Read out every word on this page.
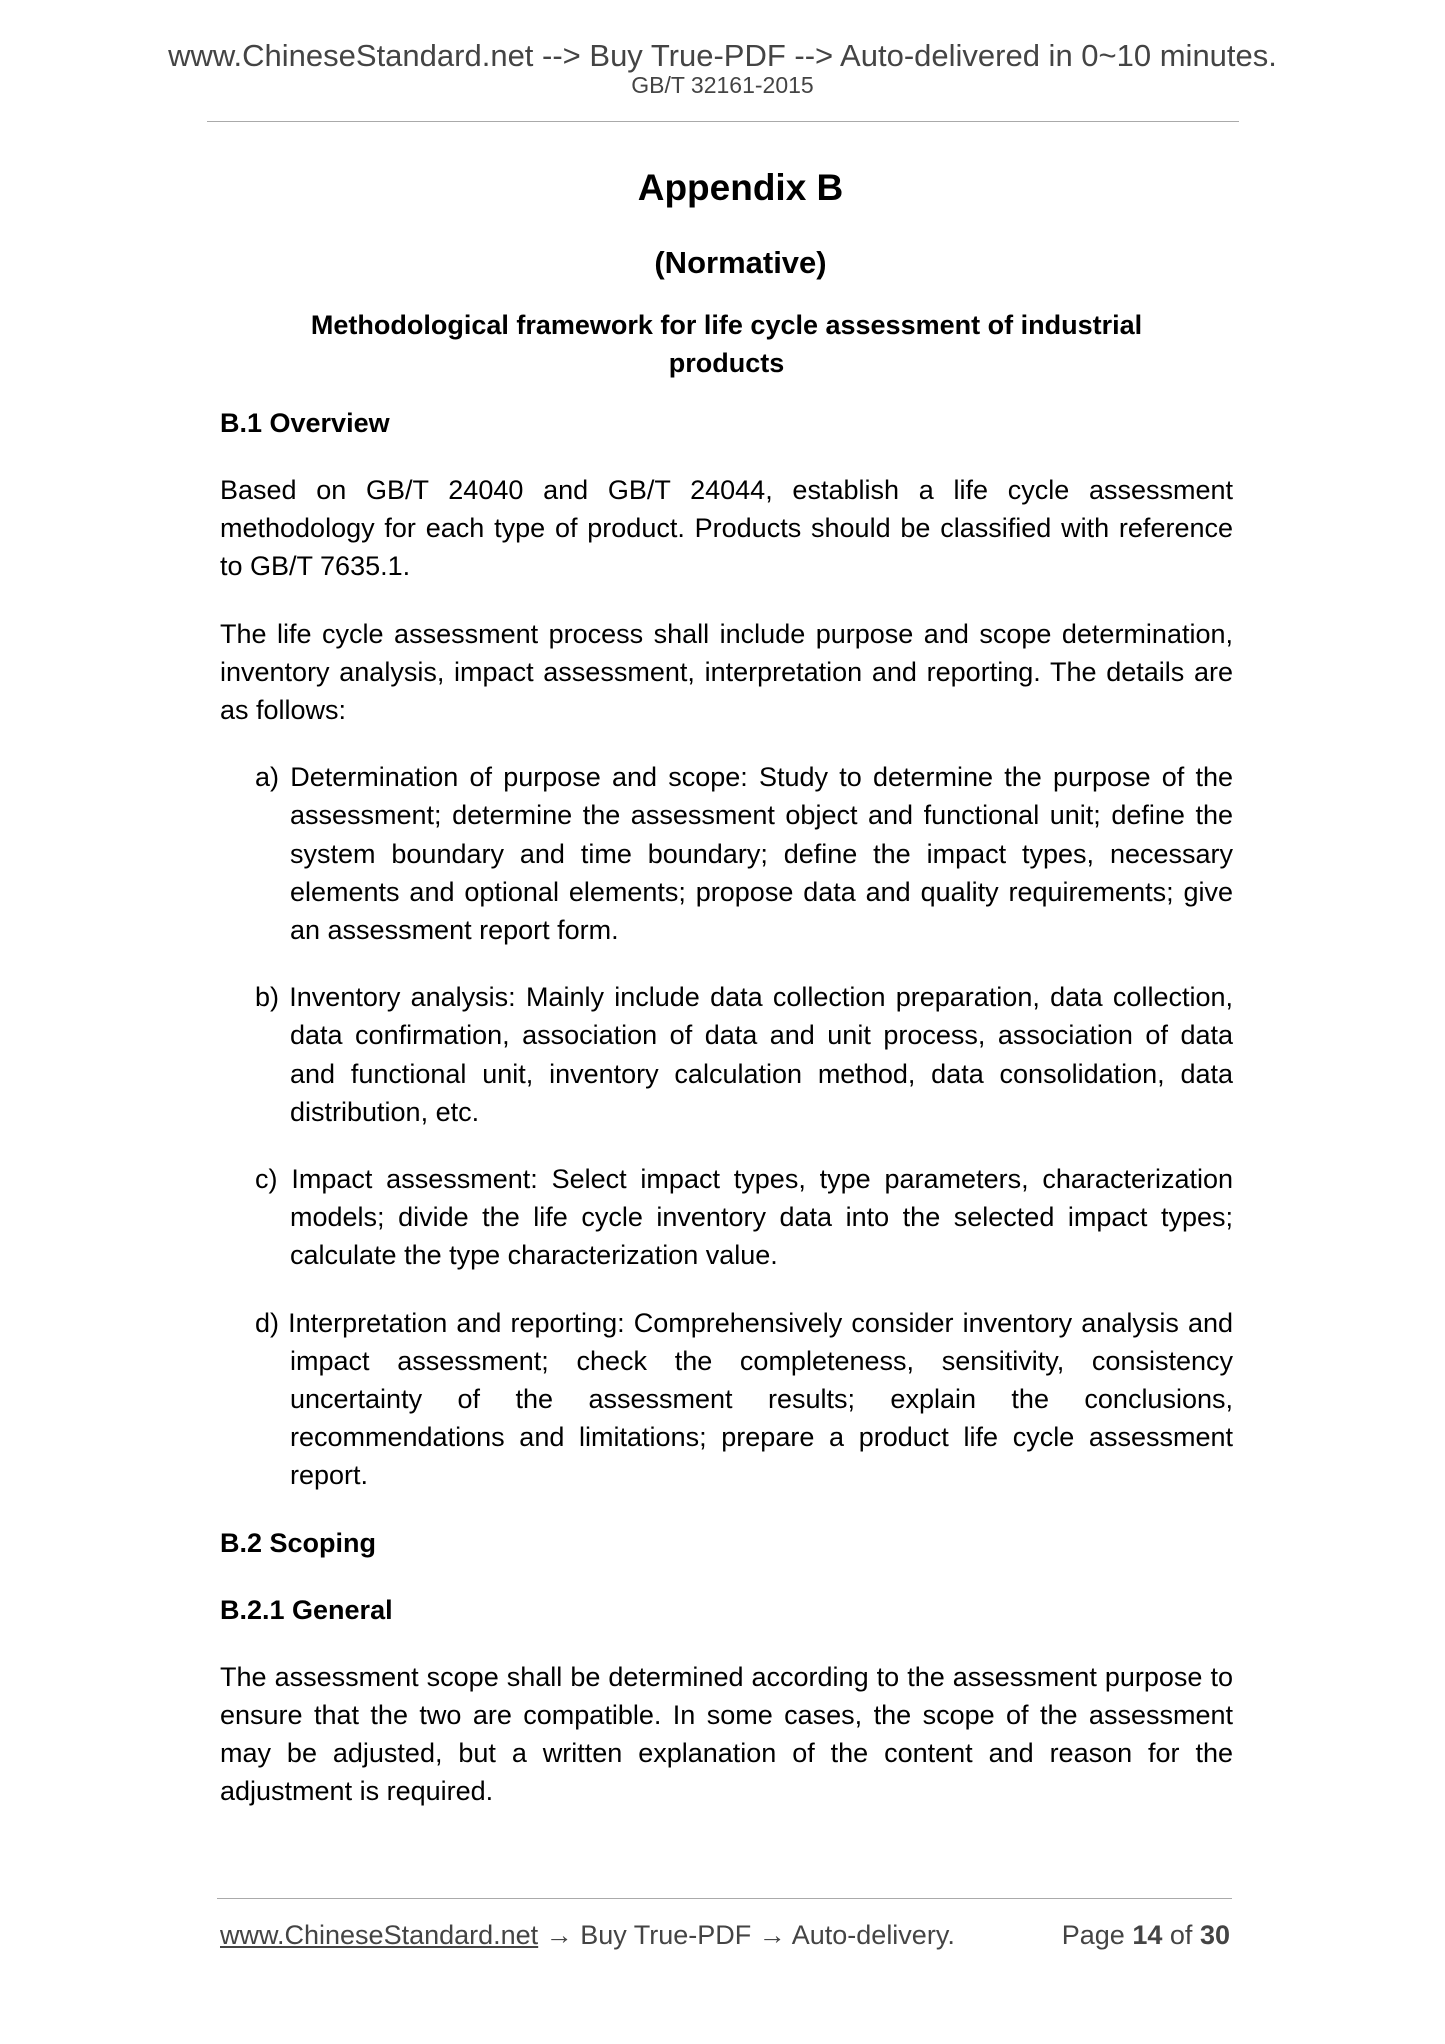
www.ChineseStandard.net --> Buy True-PDF --> Auto-delivered in 0~10 minutes.
GB/T 32161-2015
Appendix B
(Normative)
Methodological framework for life cycle assessment of industrial products
B.1 Overview

Based on GB/T 24040 and GB/T 24044, establish a life cycle assessment methodology for each type of product. Products should be classified with reference to GB/T 7635.1.

The life cycle assessment process shall include purpose and scope determination, inventory analysis, impact assessment, interpretation and reporting. The details are as follows:

a) Determination of purpose and scope: Study to determine the purpose of the assessment; determine the assessment object and functional unit; define the system boundary and time boundary; define the impact types, necessary elements and optional elements; propose data and quality requirements; give an assessment report form.
b) Inventory analysis: Mainly include data collection preparation, data collection, data confirmation, association of data and unit process, association of data and functional unit, inventory calculation method, data consolidation, data distribution, etc.
c) Impact assessment: Select impact types, type parameters, characterization models; divide the life cycle inventory data into the selected impact types; calculate the type characterization value.
d) Interpretation and reporting: Comprehensively consider inventory analysis and impact assessment; check the completeness, sensitivity, consistency uncertainty of the assessment results; explain the conclusions, recommendations and limitations; prepare a product life cycle assessment report.
B.2 Scoping
B.2.1 General

The assessment scope shall be determined according to the assessment purpose to ensure that the two are compatible. In some cases, the scope of the assessment may be adjusted, but a written explanation of the content and reason for the adjustment is required.

www.ChineseStandard.net → Buy True-PDF → Auto-delivery.	Page 14 of 30
